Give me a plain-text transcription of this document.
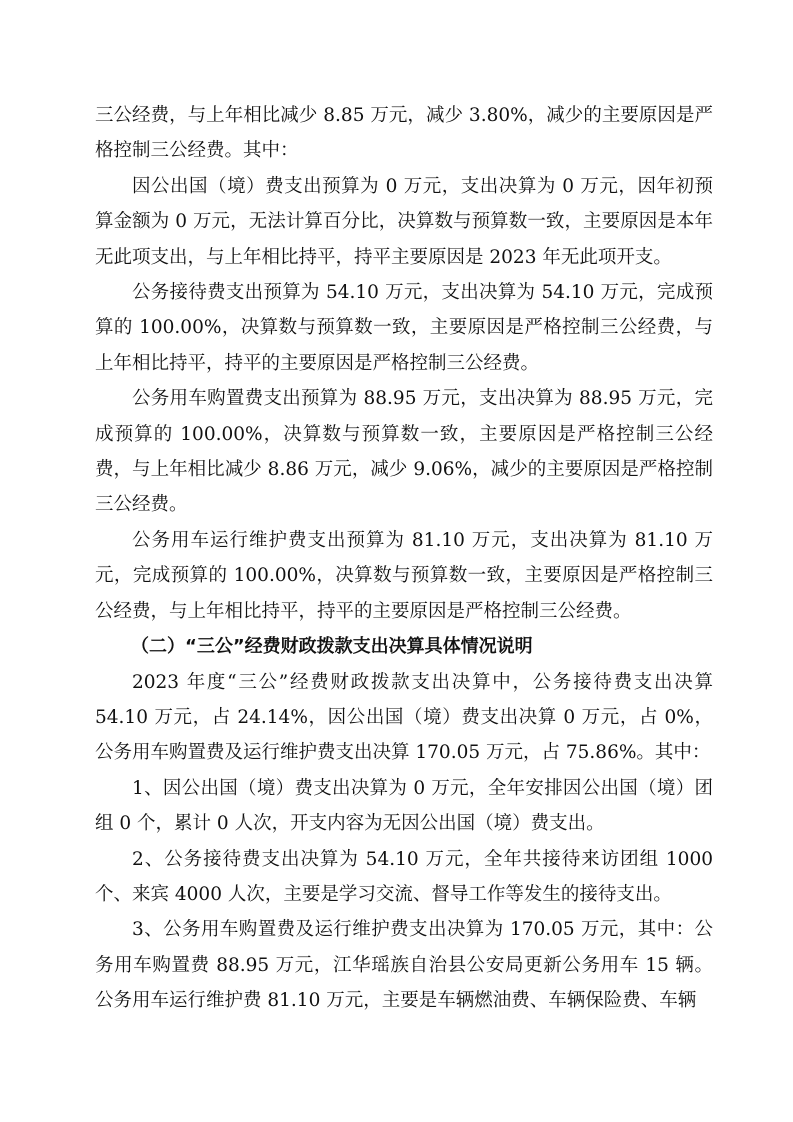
三公经费，与上年相比减少 8.85 万元，减少 3.80%，减少的主要原因是严格控制三公经费。其中：

因公出国（境）费支出预算为 0 万元，支出决算为 0 万元，因年初预算金额为 0 万元，无法计算百分比，决算数与预算数一致，主要原因是本年无此项支出，与上年相比持平，持平主要原因是 2023 年无此项开支。

公务接待费支出预算为 54.10 万元，支出决算为 54.10 万元，完成预算的 100.00%，决算数与预算数一致，主要原因是严格控制三公经费，与上年相比持平，持平的主要原因是严格控制三公经费。

公务用车购置费支出预算为 88.95 万元，支出决算为 88.95 万元，完成预算的 100.00%，决算数与预算数一致，主要原因是严格控制三公经费，与上年相比减少 8.86 万元，减少 9.06%，减少的主要原因是严格控制三公经费。

公务用车运行维护费支出预算为 81.10 万元，支出决算为 81.10 万元，完成预算的 100.00%，决算数与预算数一致，主要原因是严格控制三公经费，与上年相比持平，持平的主要原因是严格控制三公经费。

（二）“三公”经费财政拨款支出决算具体情况说明

2023 年度“三公”经费财政拨款支出决算中，公务接待费支出决算 54.10 万元，占 24.14%，因公出国（境）费支出决算 0 万元，占 0%，公务用车购置费及运行维护费支出决算 170.05 万元，占 75.86%。其中：

1、因公出国（境）费支出决算为 0 万元，全年安排因公出国（境）团组 0 个，累计 0 人次，开支内容为无因公出国（境）费支出。

2、公务接待费支出决算为 54.10 万元，全年共接待来访团组 1000 个、来宾 4000 人次，主要是学习交流、督导工作等发生的接待支出。

3、公务用车购置费及运行维护费支出决算为 170.05 万元，其中：公务用车购置费 88.95 万元，江华瑶族自治县公安局更新公务用车 15 辆。公务用车运行维护费 81.10 万元，主要是车辆燃油费、车辆保险费、车辆
